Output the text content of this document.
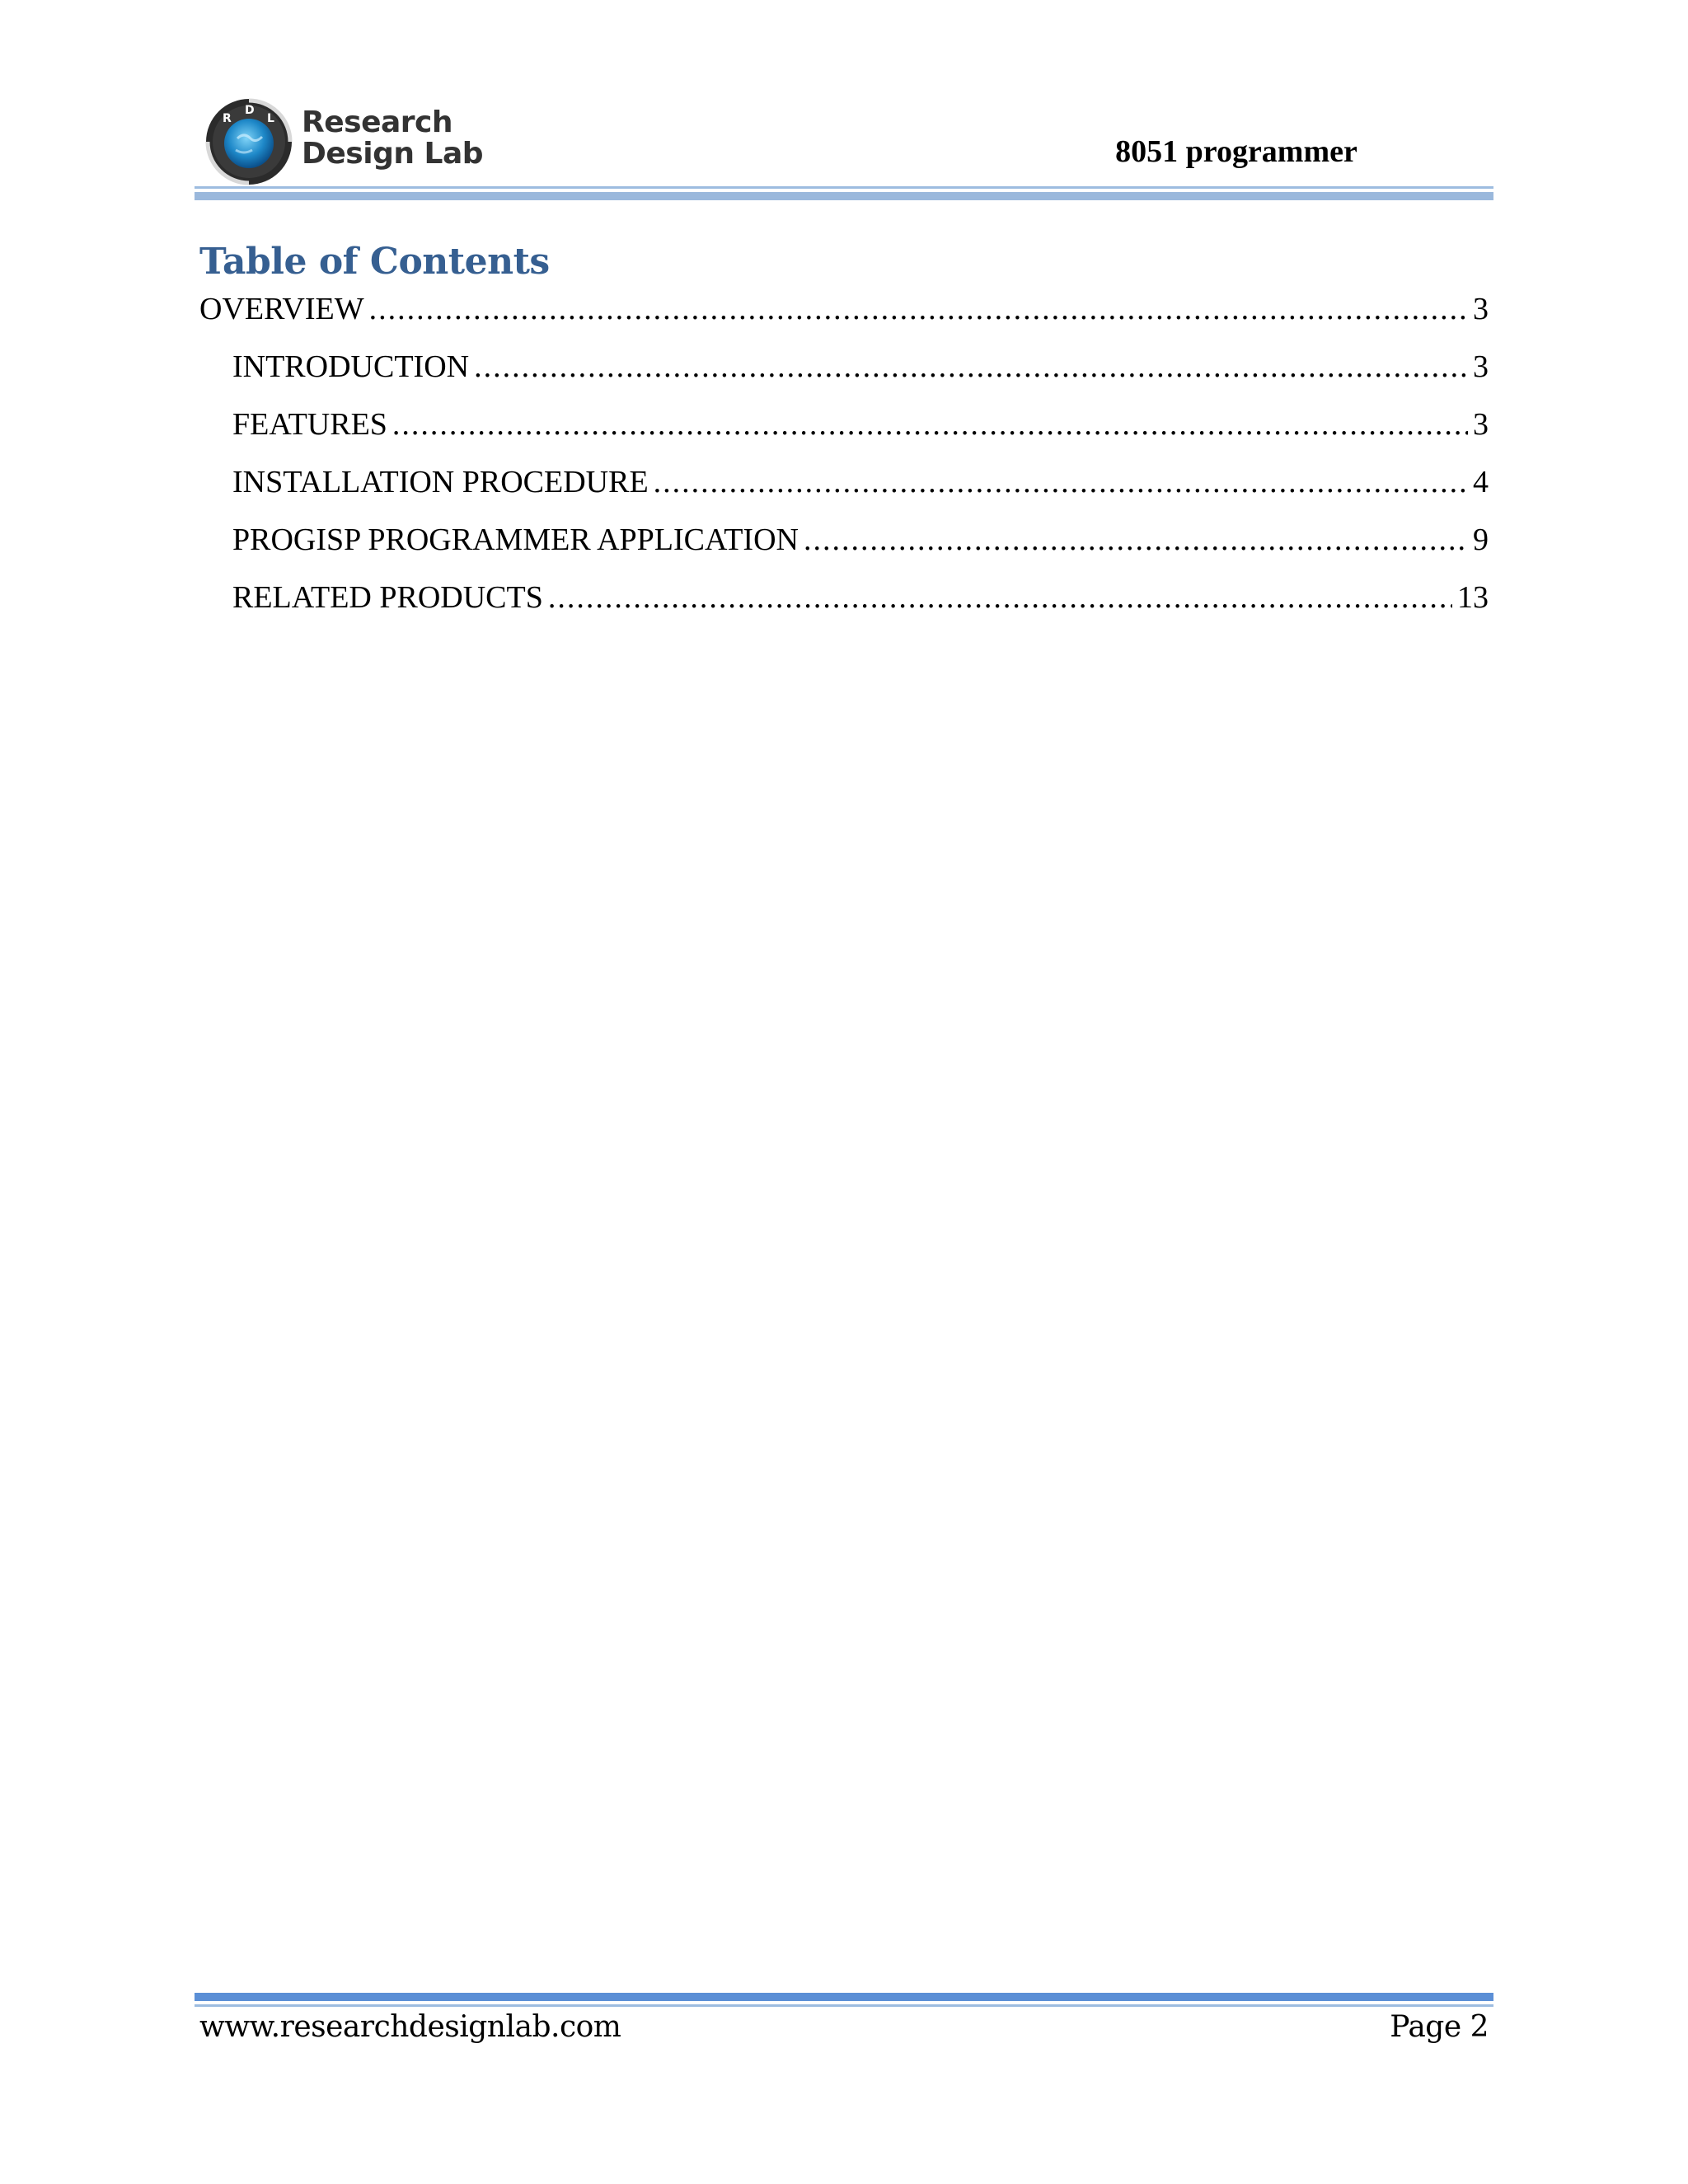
R
D
L Research
Design Lab	8051 programmer
Table of Contents
OVERVIEW .....	3
INTRODUCTION .....	3
FEATURES .....	3
INSTALLATION PROCEDURE .....	4
PROGISP PROGRAMMER APPLICATION .....	9
RELATED PRODUCTS .....	13
www.researchdesignlab.com	Page 2
